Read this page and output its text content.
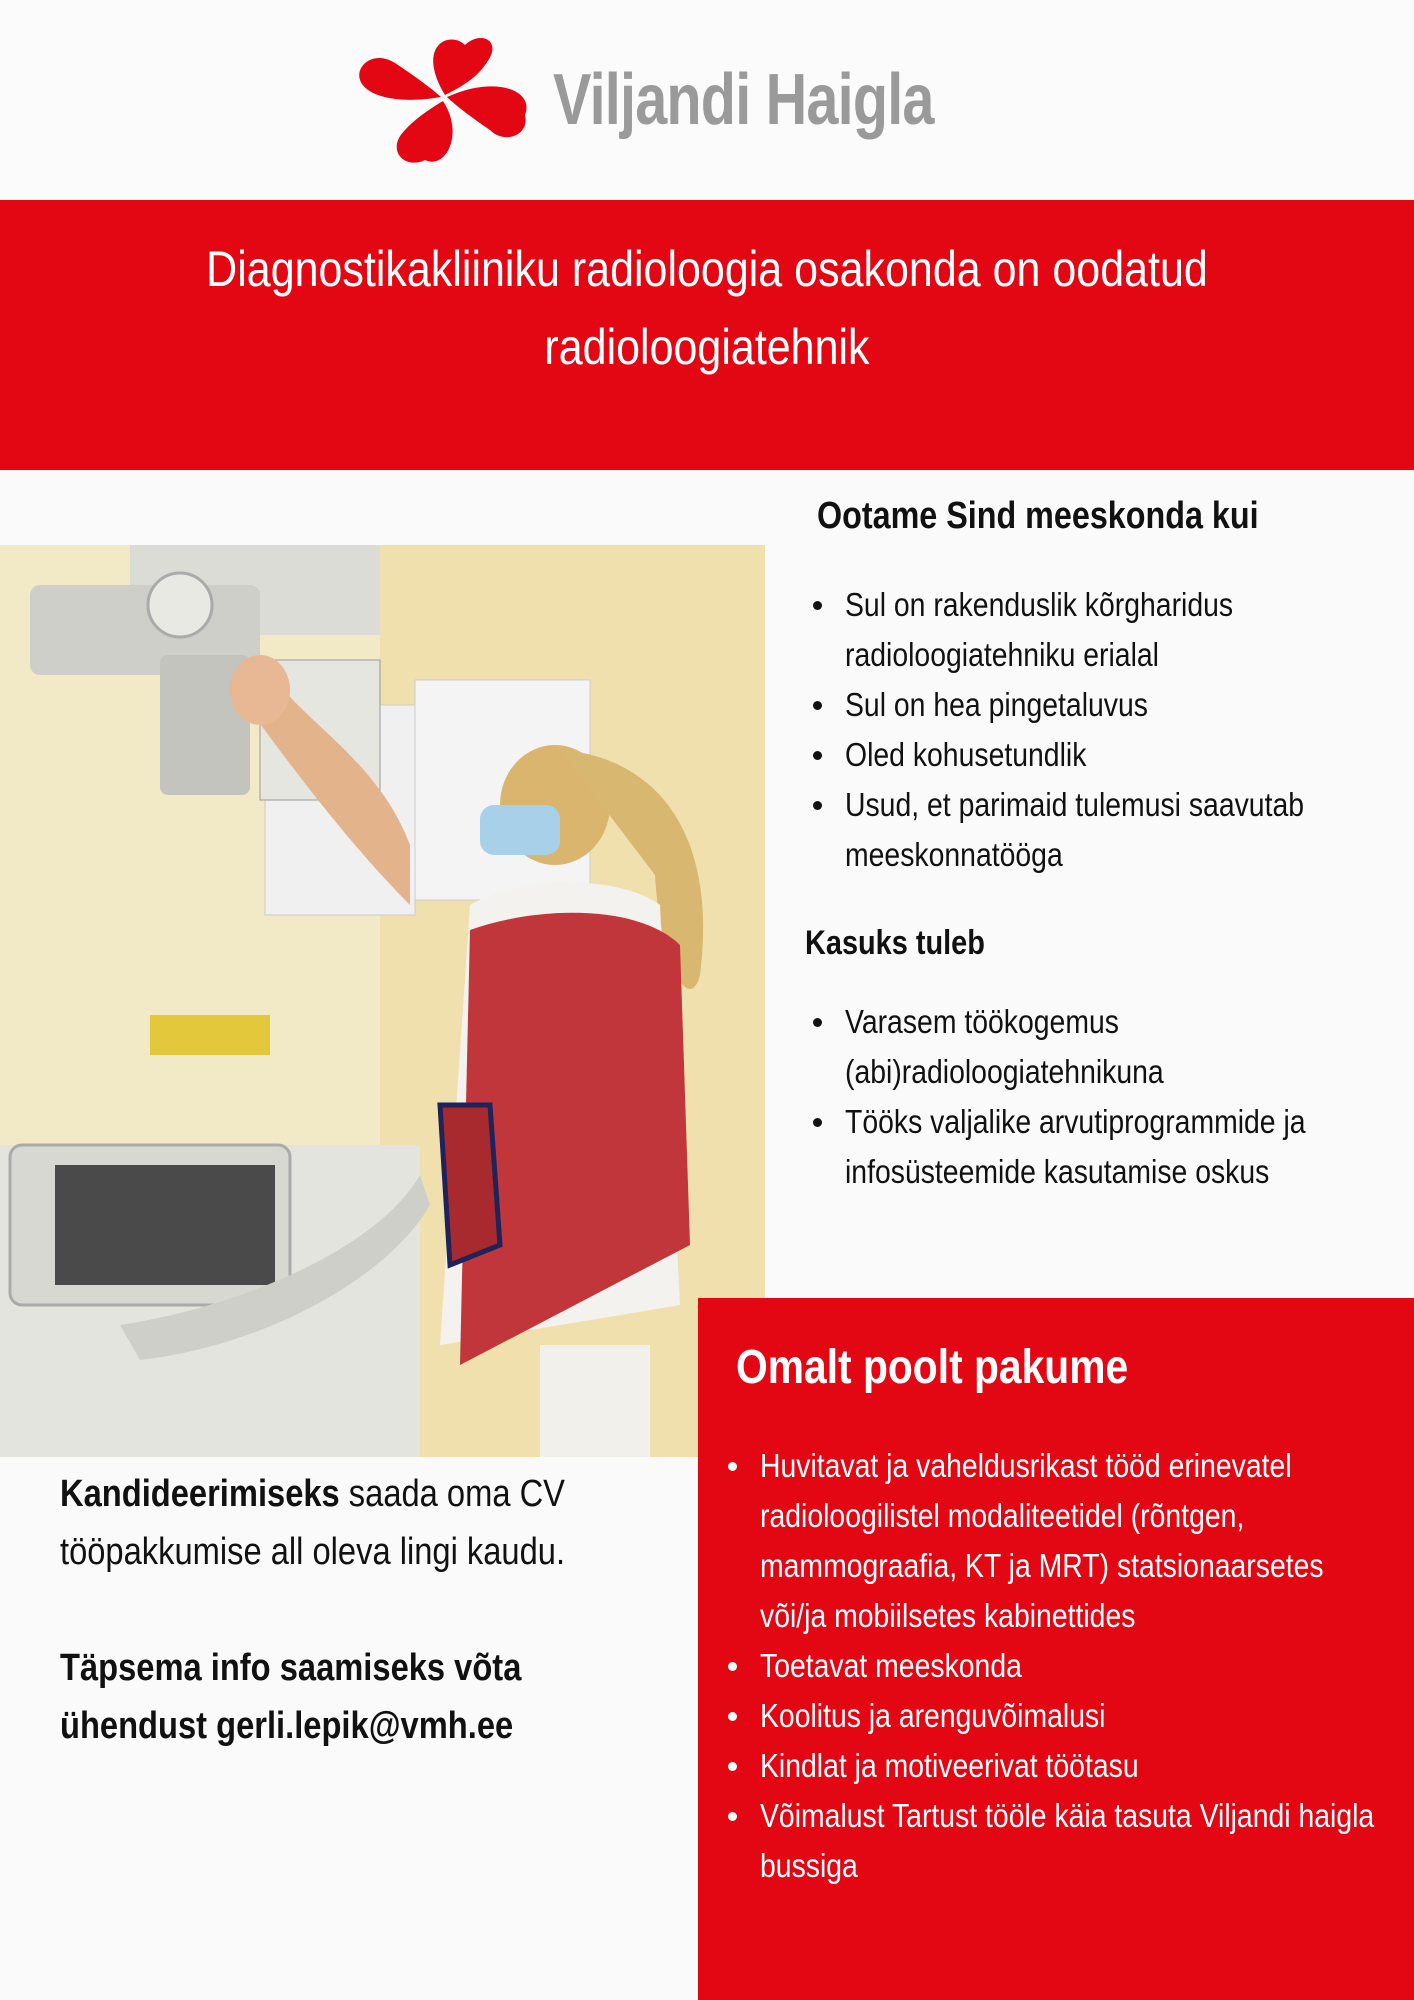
Viljandi Haigla
Diagnostikakliiniku radioloogia osakonda on oodatud radioloogiatehnik
Ootame Sind meeskonda kui
Sul on rakenduslik kõrgharidus radioloogiatehniku erialal
Sul on hea pingetaluvus
Oled kohusetundlik
Usud, et parimaid tulemusi saavutab meeskonnatööga
Kasuks tuleb
Varasem töökogemus (abi)radioloogiatehnikuna
Tööks valjalike arvutiprogrammide ja infosüsteemide kasutamise oskus
Omalt poolt pakume
Huvitavat ja vaheldusrikast tööd erinevatel radioloogilistel modaliteetidel (rõntgen, mammograafia, KT ja MRT) statsionaarsetes või/ja mobiilsetes kabinettides
Toetavat meeskonda
Koolitus ja arenguvõimalusi
Kindlat ja motiveerivat töötasu
Võimalust Tartust tööle käia tasuta Viljandi haigla bussiga

Kandideerimiseks saada oma CV tööpakkumise all oleva lingi kaudu.

Täpsema info saamiseks võta ühendust gerli.lepik@vmh.ee
